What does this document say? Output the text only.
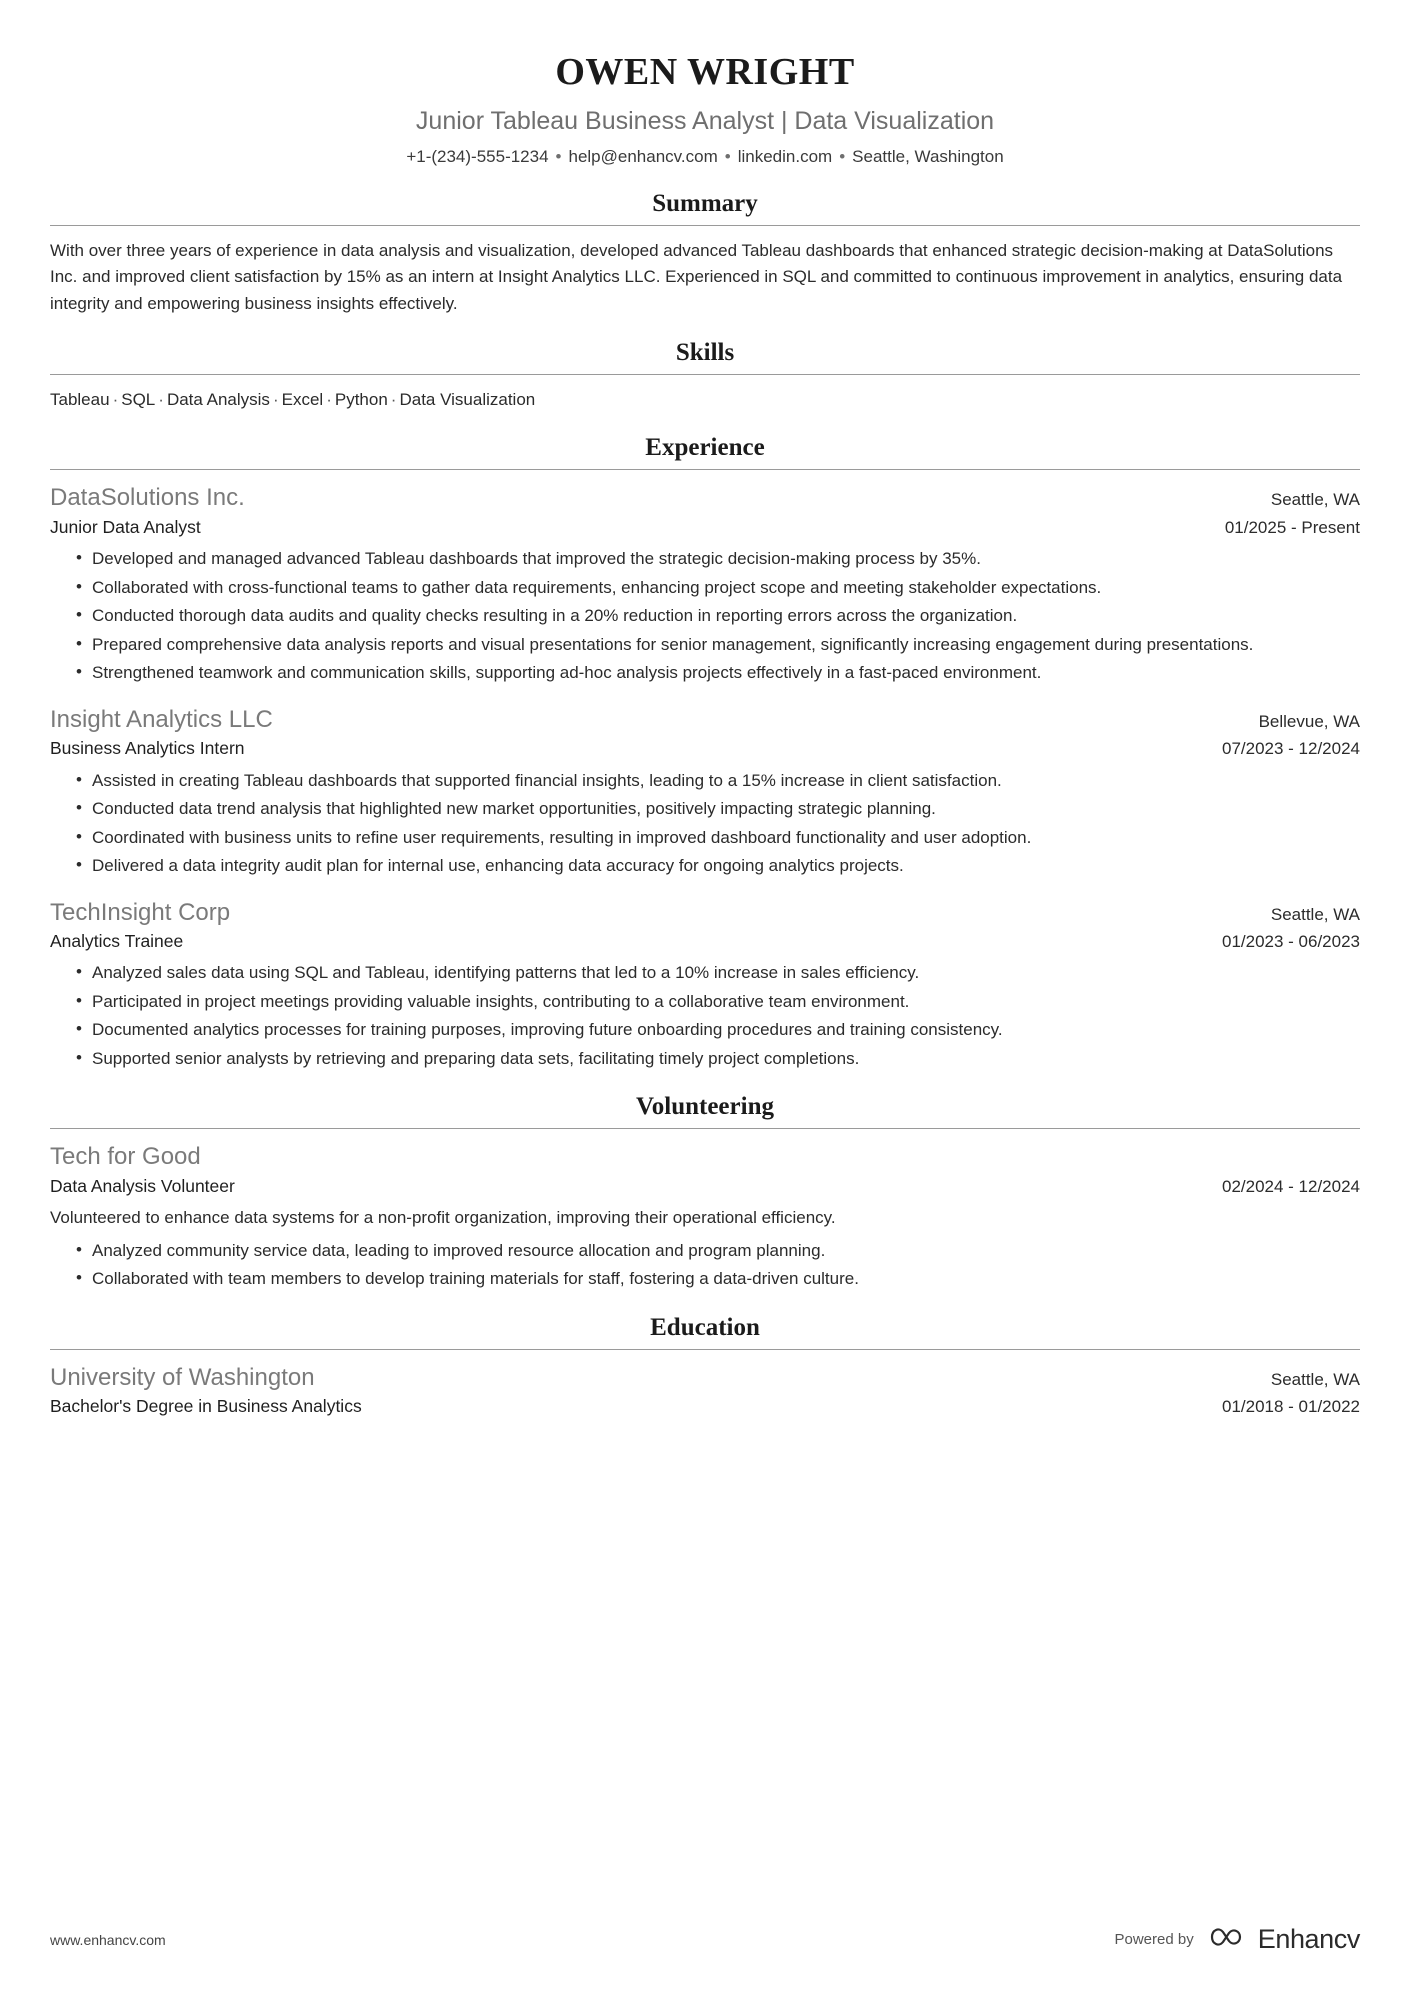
OWEN WRIGHT
Junior Tableau Business Analyst | Data Visualization
+1-(234)-555-1234 • help@enhancv.com • linkedin.com • Seattle, Washington
Summary
With over three years of experience in data analysis and visualization, developed advanced Tableau dashboards that enhanced strategic decision-making at DataSolutions Inc. and improved client satisfaction by 15% as an intern at Insight Analytics LLC. Experienced in SQL and committed to continuous improvement in analytics, ensuring data integrity and empowering business insights effectively.
Skills
Tableau · SQL · Data Analysis · Excel · Python · Data Visualization
Experience
DataSolutions Inc.	Seattle, WA
Junior Data Analyst	01/2025 - Present
• Developed and managed advanced Tableau dashboards that improved the strategic decision-making process by 35%.
• Collaborated with cross-functional teams to gather data requirements, enhancing project scope and meeting stakeholder expectations.
• Conducted thorough data audits and quality checks resulting in a 20% reduction in reporting errors across the organization.
• Prepared comprehensive data analysis reports and visual presentations for senior management, significantly increasing engagement during presentations.
• Strengthened teamwork and communication skills, supporting ad-hoc analysis projects effectively in a fast-paced environment.
Insight Analytics LLC	Bellevue, WA
Business Analytics Intern	07/2023 - 12/2024
• Assisted in creating Tableau dashboards that supported financial insights, leading to a 15% increase in client satisfaction.
• Conducted data trend analysis that highlighted new market opportunities, positively impacting strategic planning.
• Coordinated with business units to refine user requirements, resulting in improved dashboard functionality and user adoption.
• Delivered a data integrity audit plan for internal use, enhancing data accuracy for ongoing analytics projects.
TechInsight Corp	Seattle, WA
Analytics Trainee	01/2023 - 06/2023
• Analyzed sales data using SQL and Tableau, identifying patterns that led to a 10% increase in sales efficiency.
• Participated in project meetings providing valuable insights, contributing to a collaborative team environment.
• Documented analytics processes for training purposes, improving future onboarding procedures and training consistency.
• Supported senior analysts by retrieving and preparing data sets, facilitating timely project completions.
Volunteering
Tech for Good
Data Analysis Volunteer	02/2024 - 12/2024
Volunteered to enhance data systems for a non-profit organization, improving their operational efficiency.
• Analyzed community service data, leading to improved resource allocation and program planning.
• Collaborated with team members to develop training materials for staff, fostering a data-driven culture.
Education
University of Washington	Seattle, WA
Bachelor's Degree in Business Analytics	01/2018 - 01/2022
www.enhancv.com	Powered by Enhancv
